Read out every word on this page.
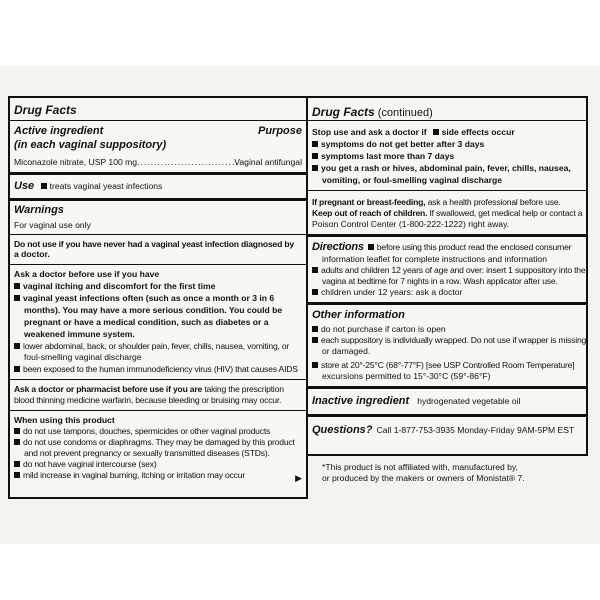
Drug Facts
Active ingredient	Purpose
(in each vaginal suppository)
Miconazole nitrate, USP 100 mg..............................
Vaginal antifungal
Use treats vaginal yeast infections
Warnings
For vaginal use only
Do not use if you have never had a vaginal yeast infection diagnosed by
a doctor.
Ask a doctor before use if you have
vaginal itching and discomfort for the first time
vaginal yeast infections often (such as once a month or 3 in 6
months). You may have a more serious condition. You could be
pregnant or have a medical condition, such as diabetes or a
weakened immune system.
lower abdominal, back, or shoulder pain, fever, chills, nausea, vomiting, or
foul-smelling vaginal discharge
been exposed to the human immunodeficiency virus (HIV) that causes AIDS
Ask a doctor or pharmacist before use if you are taking the prescription
blood thinning medicine warfarin, because bleeding or bruising may occur.
When using this product
do not use tampons, douches, spermicides or other vaginal products
do not use condoms or diaphragms. They may be damaged by this product
and not prevent pregnancy or sexually transmitted diseases (STDs).
do not have vaginal intercourse (sex)
mild increase in vaginal burning, itching or irritation may occur	▶
Drug Facts (continued)
Stop use and ask a doctor if side effects occur
symptoms do not get better after 3 days
symptoms last more than 7 days
you get a rash or hives, abdominal pain, fever, chills, nausea,
vomiting, or foul-smelling vaginal discharge
If pregnant or breast-feeding, ask a health professional before use.
Keep out of reach of children. If swallowed, get medical help or contact a
Poison Control Center (1-800-222-1222) right away.
Directions before using this product read the enclosed consumer
information leaflet for complete instructions and information
adults and children 12 years of age and over: insert 1 suppository into the
vagina at bedtime for 7 nights in a row. Wash applicator after use.
children under 12 years: ask a doctor
Other information
do not purchase if carton is open
each suppository is individually wrapped. Do not use if wrapper is missing
or damaged.
store at 20°-25°C (68°-77°F) [see USP Controlled Room Temperature]
excursions permitted to 15°-30°C (59°-86°F)
Inactive ingredient hydrogenated vegetable oil
Questions? Call 1-877-753-3935 Monday-Friday 9AM-5PM EST
*This product is not affiliated with, manufactured by,
or produced by the makers or owners of Monistat® 7.
